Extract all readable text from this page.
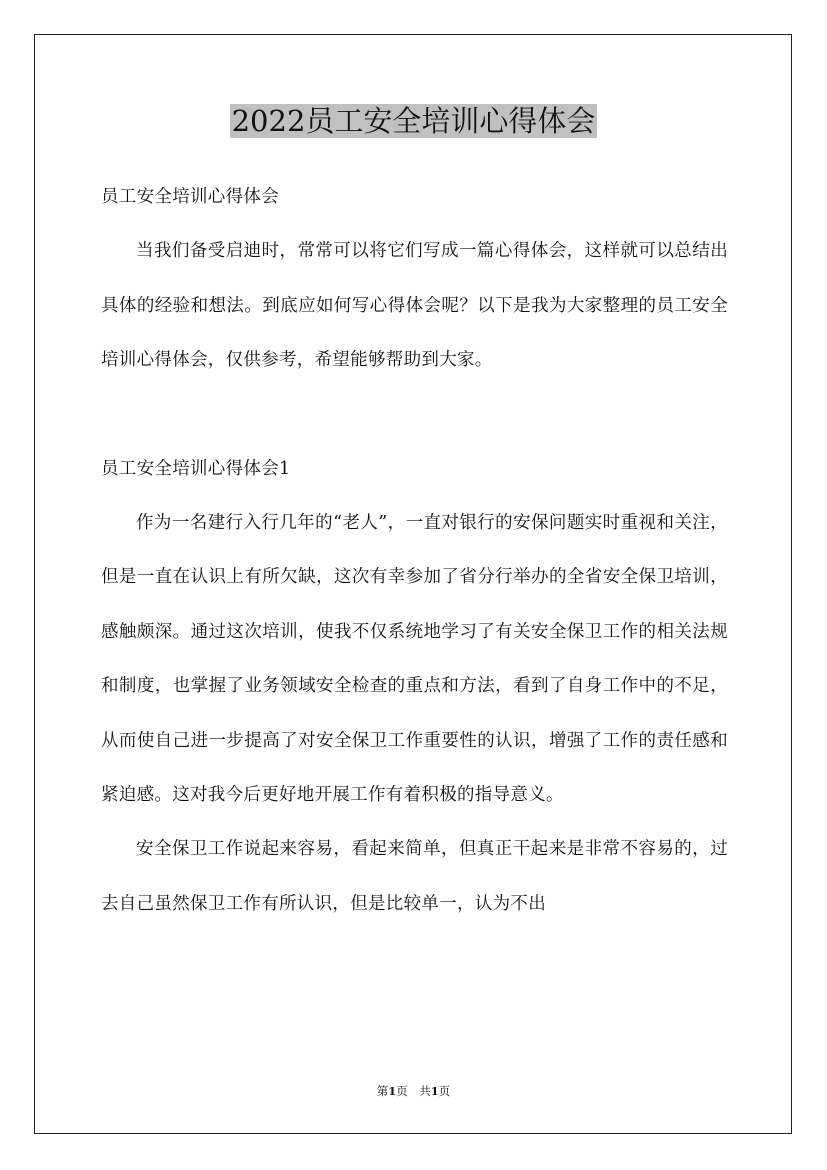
2022员工安全培训心得体会

员工安全培训心得体会

当我们备受启迪时，常常可以将它们写成一篇心得体会，这样就可以总结出具体的经验和想法。到底应如何写心得体会呢？以下是我为大家整理的员工安全培训心得体会，仅供参考，希望能够帮助到大家。

员工安全培训心得体会1

作为一名建行入行几年的“老人”，一直对银行的安保问题实时重视和关注，但是一直在认识上有所欠缺，这次有幸参加了省分行举办的全省安全保卫培训，感触颇深。通过这次培训，使我不仅系统地学习了有关安全保卫工作的相关法规和制度，也掌握了业务领域安全检查的重点和方法，看到了自身工作中的不足，从而使自己进一步提高了对安全保卫工作重要性的认识，增强了工作的责任感和紧迫感。这对我今后更好地开展工作有着积极的指导意义。

安全保卫工作说起来容易，看起来简单，但真正干起来是非常不容易的，过去自己虽然保卫工作有所认识，但是比较单一，认为不出

第1页　共1页
